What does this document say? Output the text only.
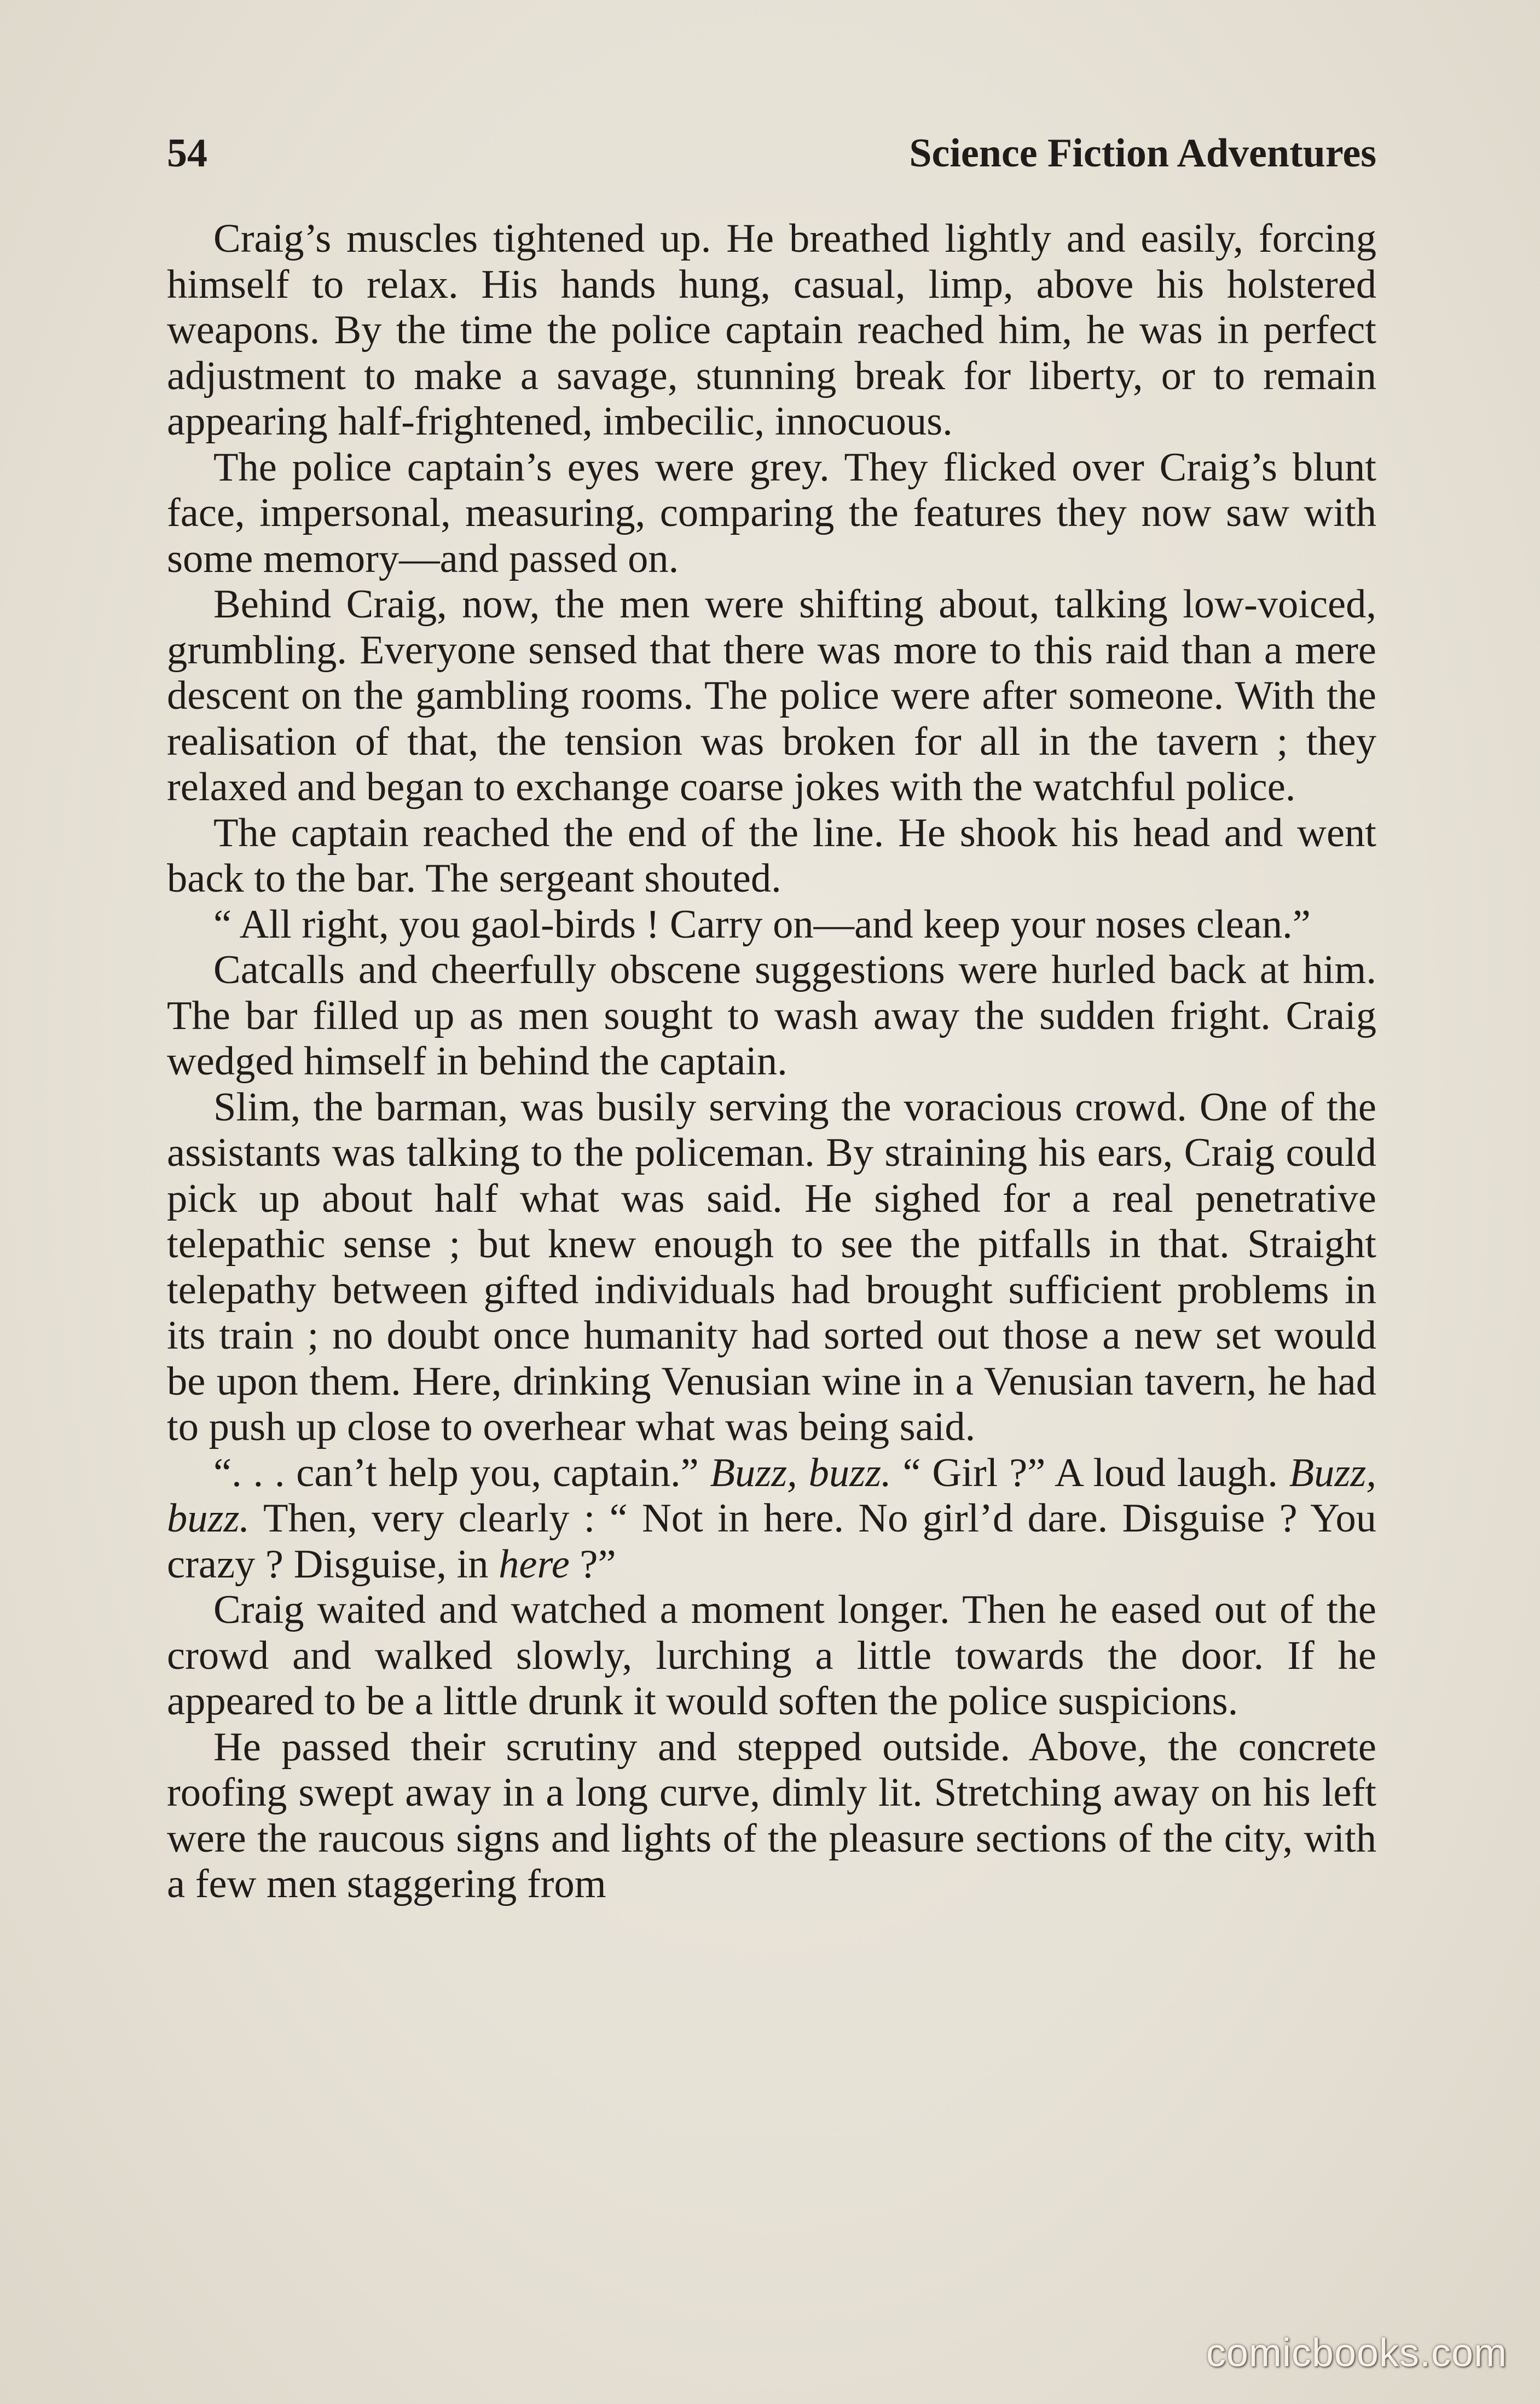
54	Science Fiction Adventures

Craig’s muscles tightened up. He breathed lightly and easily, forcing himself to relax. His hands hung, casual, limp, above his holstered weapons. By the time the police captain reached him, he was in perfect adjustment to make a savage, stunning break for liberty, or to remain appearing half-frightened, imbecilic, innocuous.

The police captain’s eyes were grey. They flicked over Craig’s blunt face, impersonal, measuring, comparing the features they now saw with some memory—and passed on.

Behind Craig, now, the men were shifting about, talking low-voiced, grumbling. Everyone sensed that there was more to this raid than a mere descent on the gambling rooms. The police were after someone. With the realisation of that, the tension was broken for all in the tavern ; they relaxed and began to exchange coarse jokes with the watchful police.

The captain reached the end of the line. He shook his head and went back to the bar. The sergeant shouted.

“ All right, you gaol-birds ! Carry on—and keep your noses clean.”

Catcalls and cheerfully obscene suggestions were hurled back at him. The bar filled up as men sought to wash away the sudden fright. Craig wedged himself in behind the captain.

Slim, the barman, was busily serving the voracious crowd. One of the assistants was talking to the policeman. By straining his ears, Craig could pick up about half what was said. He sighed for a real penetrative telepathic sense ; but knew enough to see the pitfalls in that. Straight telepathy between gifted individuals had brought sufficient problems in its train ; no doubt once humanity had sorted out those a new set would be upon them. Here, drinking Venusian wine in a Venusian tavern, he had to push up close to overhear what was being said.

“. . . can’t help you, captain.” Buzz, buzz. “ Girl ?” A loud laugh. Buzz, buzz. Then, very clearly : “ Not in here. No girl’d dare. Disguise ? You crazy ? Disguise, in here ?”

Craig waited and watched a moment longer. Then he eased out of the crowd and walked slowly, lurching a little towards the door. If he appeared to be a little drunk it would soften the police suspicions.

He passed their scrutiny and stepped outside. Above, the concrete roofing swept away in a long curve, dimly lit. Stretching away on his left were the raucous signs and lights of the pleasure sections of the city, with a few men staggering from

comicbooks.com
